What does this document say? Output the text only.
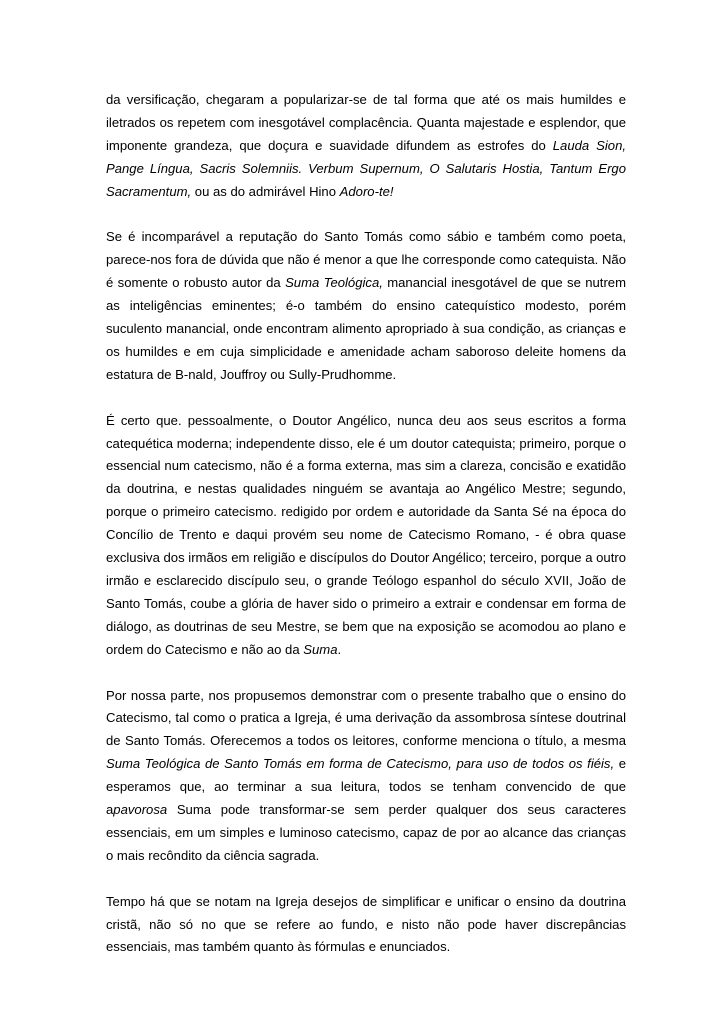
da versificação, chegaram a popularizar-se de tal forma que até os mais humildes e iletrados os repetem com inesgotável complacência. Quanta majestade e esplendor, que imponente grandeza, que doçura e suavidade difundem as estrofes do Lauda Sion, Pange Língua, Sacris Solemniis. Verbum Supernum, O Salutaris Hostia, Tantum Ergo Sacramentum, ou as do admirável Hino Adoro-te!

Se é incomparável a reputação do Santo Tomás como sábio e também como poeta, parece-nos fora de dúvida que não é menor a que lhe corresponde como catequista. Não é somente o robusto autor da Suma Teológica, manancial inesgotável de que se nutrem as inteligências eminentes; é-o também do ensino catequístico modesto, porém suculento manancial, onde encontram alimento apropriado à sua condição, as crianças e os humildes e em cuja simplicidade e amenidade acham saboroso deleite homens da estatura de B-nald, Jouffroy ou Sully-Prudhomme.

É certo que. pessoalmente, o Doutor Angélico, nunca deu aos seus escritos a forma catequética moderna; independente disso, ele é um doutor catequista; primeiro, porque o essencial num catecismo, não é a forma externa, mas sim a clareza, concisão e exatidão da doutrina, e nestas qualidades ninguém se avantaja ao Angélico Mestre; segundo, porque o primeiro catecismo. redigido por ordem e autoridade da Santa Sé na época do Concílio de Trento e daqui provém seu nome de Catecismo Romano, - é obra quase exclusiva dos irmãos em religião e discípulos do Doutor Angélico; terceiro, porque a outro irmão e esclarecido discípulo seu, o grande Teólogo espanhol do século XVII, João de Santo Tomás, coube a glória de haver sido o primeiro a extrair e condensar em forma de diálogo, as doutrinas de seu Mestre, se bem que na exposição se acomodou ao plano e ordem do Catecismo e não ao da Suma.

Por nossa parte, nos propusemos demonstrar com o presente trabalho que o ensino do Catecismo, tal como o pratica a Igreja, é uma derivação da assombrosa síntese doutrinal de Santo Tomás. Oferecemos a todos os leitores, conforme menciona o título, a mesma Suma Teológica de Santo Tomás em forma de Catecismo, para uso de todos os fiéis, e esperamos que, ao terminar a sua leitura, todos se tenham convencido de que apavorosa Suma pode transformar-se sem perder qualquer dos seus caracteres essenciais, em um simples e luminoso catecismo, capaz de por ao alcance das crianças o mais recôndito da ciência sagrada.

Tempo há que se notam na Igreja desejos de simplificar e unificar o ensino da doutrina cristã, não só no que se refere ao fundo, e nisto não pode haver discrepâncias essenciais, mas também quanto às fórmulas e enunciados.
